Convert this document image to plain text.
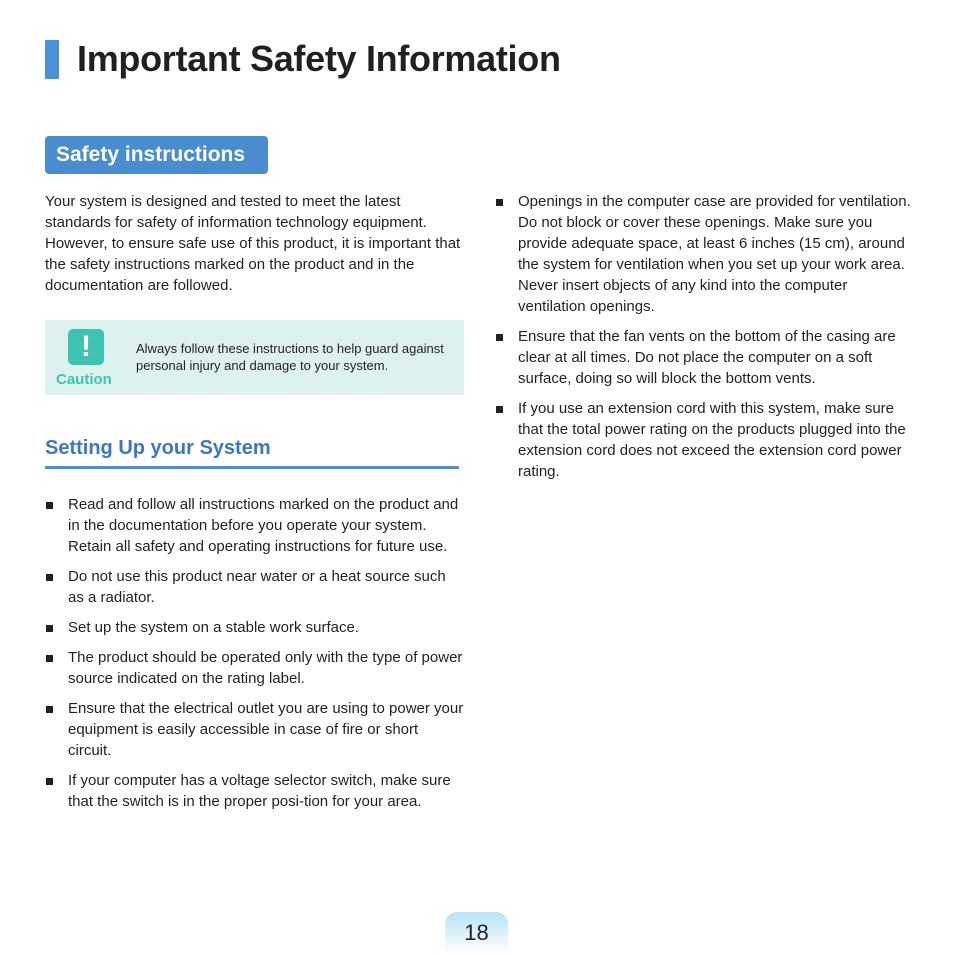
Important Safety Information
Safety instructions

Your system is designed and tested to meet the latest standards for safety of information technology equipment. However, to ensure safe use of this product, it is important that the safety instructions marked on the product and in the documentation are followed.

!
Caution

Always follow these instructions to help guard against personal injury and damage to your system.

Setting Up your System
Read and follow all instructions marked on the product and in the documentation before you operate your system. Retain all safety and operating instructions for future use.
Do not use this product near water or a heat source such as a radiator.
Set up the system on a stable work surface.
The product should be operated only with the type of power source indicated on the rating label.
Ensure that the electrical outlet you are using to power your equipment is easily accessible in case of fire or short circuit.
If your computer has a voltage selector switch, make sure that the switch is in the proper posi-tion for your area.
Openings in the computer case are provided for ventilation. Do not block or cover these openings. Make sure you provide adequate space, at least 6 inches (15 cm), around the system for ventilation when you set up your work area. Never insert objects of any kind into the computer ventilation openings.
Ensure that the fan vents on the bottom of the casing are clear at all times. Do not place the computer on a soft surface, doing so will block the bottom vents.
If you use an extension cord with this system, make sure that the total power rating on the products plugged into the extension cord does not exceed the extension cord power rating.
18
